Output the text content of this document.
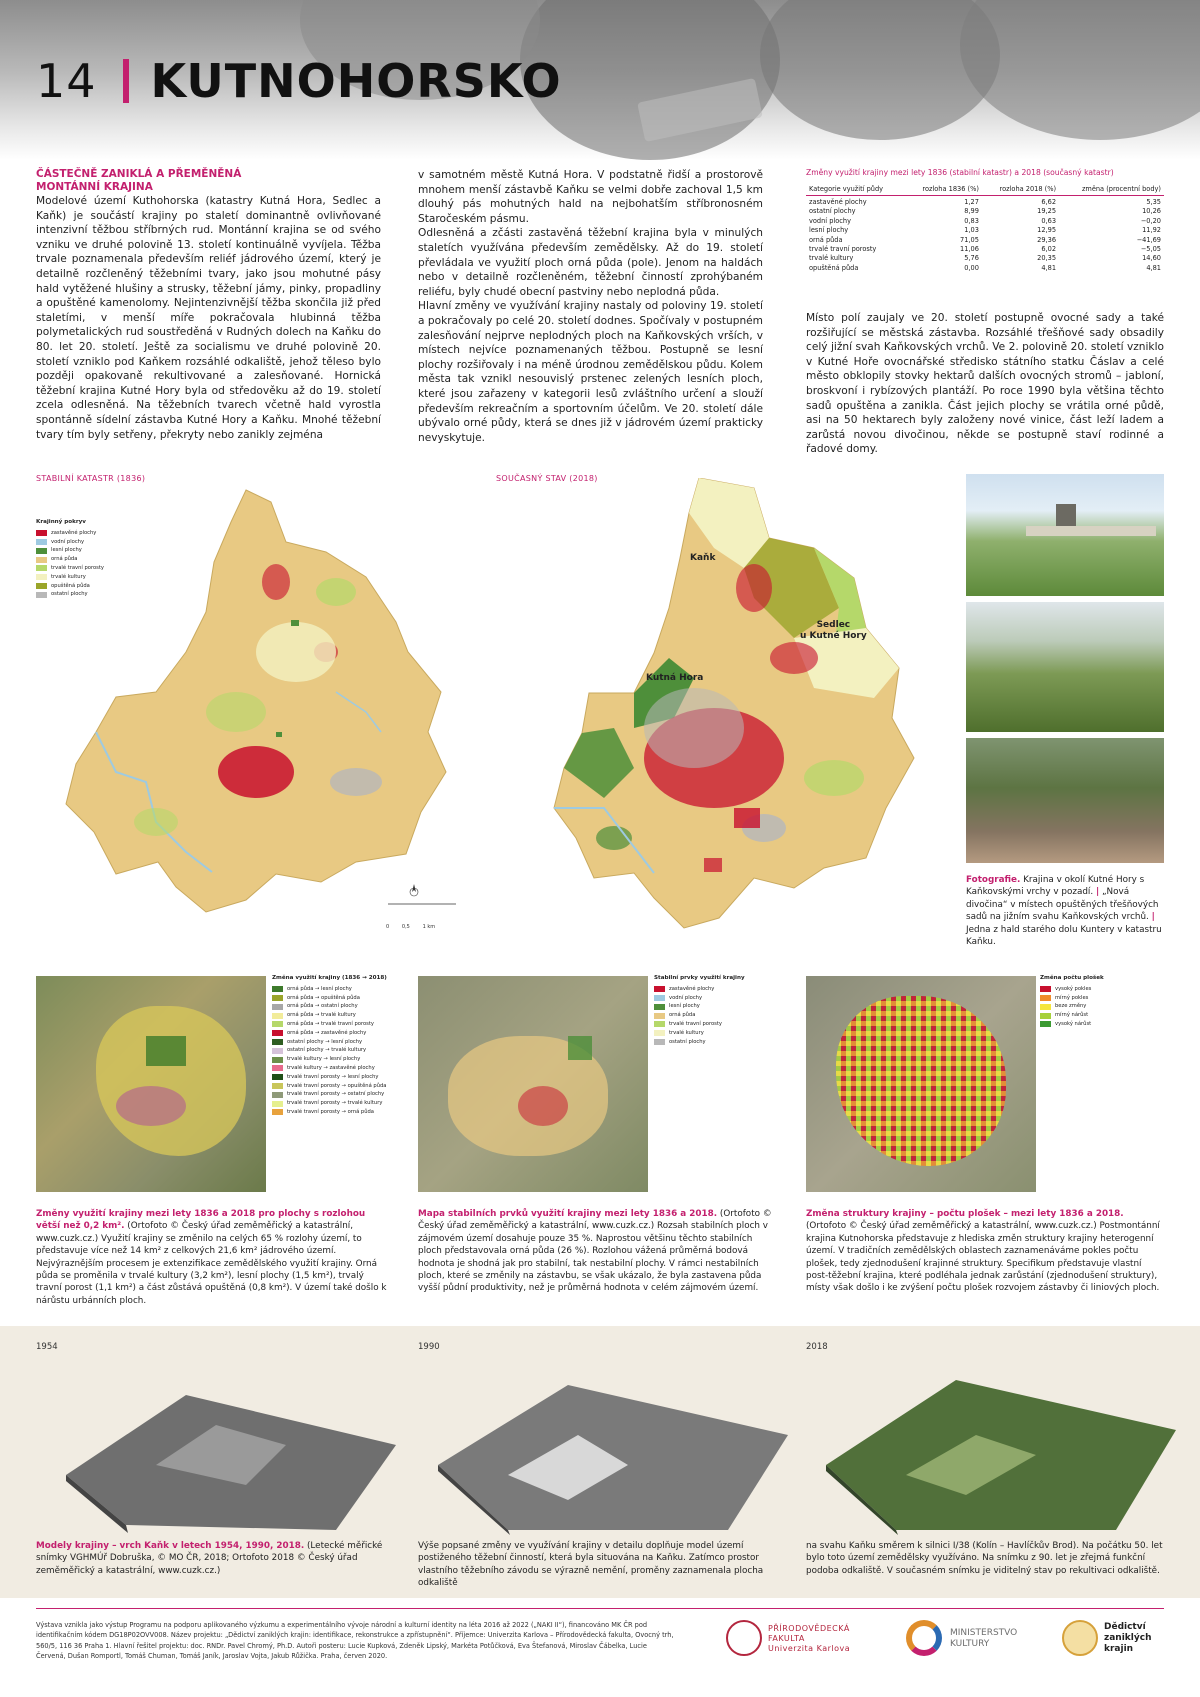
14 KUTNOHORSKO
ČÁSTEČNĚ ZANIKLÁ A PŘEMĚNĚNÁ
MONTÁNNÍ KRAJINA

Modelové území Kuthohorska (katastry Kutná Hora, Sedlec a Kaňk) je součástí krajiny po staletí dominantně ovlivňované intenzivní těžbou stříbrných rud. Montánní krajina se od svého vzniku ve druhé polovině 13. století kontinuálně vyvíjela. Těžba trvale poznamenala především reliéf jádrového území, který je detailně rozčleněný těžebními tvary, jako jsou mohutné pásy hald vytěžené hlušiny a strusky, těžební jámy, pinky, propadliny a opuštěné kamenolomy. Nejintenzivnější těžba skončila již před staletími, v menší míře pokračovala hlubinná těžba polymetalických rud soustředěná v Rudných dolech na Kaňku do 80. let 20. století. Ještě za socialismu ve druhé polovině 20. století vzniklo pod Kaňkem rozsáhlé odkaliště, jehož těleso bylo později opakovaně rekultivované a zalesňované. Hornická těžební krajina Kutné Hory byla od středověku až do 19. století zcela odlesněná. Na těžebních tvarech včetně hald vyrostla spontánně sídelní zástavba Kutné Hory a Kaňku. Mnohé těžební tvary tím byly setřeny, překryty nebo zanikly zejména

v samotném městě Kutná Hora. V podstatně řidší a prostorově mnohem menší zástavbě Kaňku se velmi dobře zachoval 1,5 km dlouhý pás mohutných hald na nejbohatším stříbronosném Staročeském pásmu.

Odlesněná a zčásti zastavěná těžební krajina byla v minulých staletích využívána především zemědělsky. Až do 19. století převládala ve využití ploch orná půda (pole). Jenom na haldách nebo v detailně rozčleněném, těžební činností zprohýbaném reliéfu, byly chudé obecní pastviny nebo neplodná půda.

Hlavní změny ve využívání krajiny nastaly od poloviny 19. století a pokračovaly po celé 20. století dodnes. Spočívaly v postupném zalesňování nejprve neplodných ploch na Kaňkovských vrších, v místech nejvíce poznamenaných těžbou. Postupně se lesní plochy rozšiřovaly i na méně úrodnou zemědělskou půdu. Kolem města tak vznikl nesouvislý prstenec zelených lesních ploch, které jsou zařazeny v kategorii lesů zvláštního určení a slouží především rekreačním a sportovním účelům. Ve 20. století dále ubývalo orné půdy, která se dnes již v jádrovém území prakticky nevyskytuje.

Změny využití krajiny mezi lety 1836 (stabilní katastr) a 2018 (současný katastr)
Kategorie využití půdy	rozloha 1836 (%)	rozloha 2018 (%)	změna (procentní body)
zastavěné plochy	1,27	6,62	5,35
ostatní plochy	8,99	19,25	10,26
vodní plochy	0,83	0,63	−0,20
lesní plochy	1,03	12,95	11,92
orná půda	71,05	29,36	−41,69
trvalé travní porosty	11,06	6,02	−5,05
trvalé kultury	5,76	20,35	14,60
opuštěná půda	0,00	4,81	4,81

Místo polí zaujaly ve 20. století postupně ovocné sady a také rozšiřující se městská zástavba. Rozsáhlé třešňové sady obsadily celý jižní svah Kaňkovských vrchů. Ve 2. polovině 20. století vzniklo v Kutné Hoře ovocnářské středisko státního statku Čáslav a celé město obklopily stovky hektarů dalších ovocných stromů – jabloní, broskvoní i rybízových plantáží. Po roce 1990 byla většina těchto sadů opuštěna a zanikla. Část jejich plochy se vrátila orné půdě, asi na 50 hektarech byly založeny nové vinice, část leží ladem a zarůstá novou divočinou, někde se postupně staví rodinné a řadové domy.

STABILNÍ KATASTR (1836)
Krajinný pokryv
zastavěné plochy
vodní plochy
lesní plochy
orná půda
trvalé travní porosty
trvalé kultury
opuštěná půda
ostatní plochy
0	0,5	1 km
SOUČASNÝ STAV (2018)
Kaňk
Sedlec
u Kutné Hory
Kutná Hora
Fotografie. Krajina v okolí Kutné Hory s Kaňkovskými vrchy v pozadí. | „Nová divočina“ v místech opuštěných třešňových sadů na jižním svahu Kaňkovských vrchů. | Jedna z hald starého dolu Kuntery v katastru Kaňku.
Změna využití krajiny (1836 → 2018)
orná půda → lesní plochy
orná půda → opuštěná půda
orná půda → ostatní plochy
orná půda → trvalé kultury
orná půda → trvalé travní porosty
orná půda → zastavěné plochy
ostatní plochy → lesní plochy
ostatní plochy → trvalé kultury
trvalé kultury → lesní plochy
trvalé kultury → zastavěné plochy
trvalé travní porosty → lesní plochy
trvalé travní porosty → opuštěná půda
trvalé travní porosty → ostatní plochy
trvalé travní porosty → trvalé kultury
trvalé travní porosty → orná půda
Stabilní prvky využití krajiny
zastavěné plochy
vodní plochy
lesní plochy
orná půda
trvalé travní porosty
trvalé kultury
ostatní plochy
Změna počtu plošek
vysoký pokles
mírný pokles
beze změny
mírný nárůst
vysoký nárůst
Změny využití krajiny mezi lety 1836 a 2018 pro plochy s rozlohou větší než 0,2 km². (Ortofoto © Český úřad zeměměřický a katastrální, www.cuzk.cz.) Využití krajiny se změnilo na celých 65 % rozlohy území, to představuje více než 14 km² z celkových 21,6 km² jádrového území. Nejvýraznějším procesem je extenzifikace zemědělského využití krajiny. Orná půda se proměnila v trvalé kultury (3,2 km²), lesní plochy (1,5 km²), trvalý travní porost (1,1 km²) a část zůstává opuštěná (0,8 km²). V území také došlo k nárůstu urbánních ploch.
Mapa stabilních prvků využití krajiny mezi lety 1836 a 2018. (Ortofoto © Český úřad zeměměřický a katastrální, www.cuzk.cz.) Rozsah stabilních ploch v zájmovém území dosahuje pouze 35 %. Naprostou většinu těchto stabilních ploch představovala orná půda (26 %). Rozlohou vážená průměrná bodová hodnota je shodná jak pro stabilní, tak nestabilní plochy. V rámci nestabilních ploch, které se změnily na zástavbu, se však ukázalo, že byla zastavena půda vyšší půdní produktivity, než je průměrná hodnota v celém zájmovém území.
Změna struktury krajiny – počtu plošek – mezi lety 1836 a 2018. (Ortofoto © Český úřad zeměměřický a katastrální, www.cuzk.cz.) Postmontánní krajina Kutnohorska představuje z hlediska změn struktury krajiny heterogenní území. V tradičních zemědělských oblastech zaznamenáváme pokles počtu plošek, tedy zjednodušení krajinné struktury. Specifikum představuje vlastní post-těžební krajina, které podléhala jednak zarůstání (zjednodušení struktury), místy však došlo i ke zvýšení počtu plošek rozvojem zástavby či liniových ploch.
1954	1990	2018
Modely krajiny – vrch Kaňk v letech 1954, 1990, 2018. (Letecké měřické snímky VGHMÚř Dobruška, © MO ČR, 2018; Ortofoto 2018 © Český úřad zeměměřický a katastrální, www.cuzk.cz.)
Výše popsané změny ve využívání krajiny v detailu doplňuje model území postiženého těžební činností, která byla situována na Kaňku. Zatímco prostor vlastního těžebního závodu se výrazně nemění, proměny zaznamenala plocha odkaliště
na svahu Kaňku směrem k silnici I/38 (Kolín – Havlíčkův Brod). Na počátku 50. let bylo toto území zemědělsky využíváno. Na snímku z 90. let je zřejmá funkční podoba odkaliště. V současném snímku je viditelný stav po rekultivaci odkaliště.
Výstava vznikla jako výstup Programu na podporu aplikovaného výzkumu a experimentálního vývoje národní a kulturní identity na léta 2016 až 2022 („NAKI II“), financováno MK ČR pod identifikačním kódem DG18P02OVV008. Název projektu: „Dědictví zaniklých krajin: identifikace, rekonstrukce a zpřístupnění“. Příjemce: Univerzita Karlova – Přírodovědecká fakulta, Ovocný trh, 560/5, 116 36 Praha 1. Hlavní řešitel projektu: doc. RNDr. Pavel Chromý, Ph.D. Autoři posteru: Lucie Kupková, Zdeněk Lipský, Markéta Potůčková, Eva Štefanová, Miroslav Čábelka, Lucie Červená, Dušan Romportl, Tomáš Chuman, Tomáš Janík, Jaroslav Vojta, Jakub Růžička. Praha, červen 2020.
PŘÍRODOVĚDECKÁ
FAKULTA
Univerzita Karlova
MINISTERSTVO
KULTURY
Dědictví
zaniklých
krajin
